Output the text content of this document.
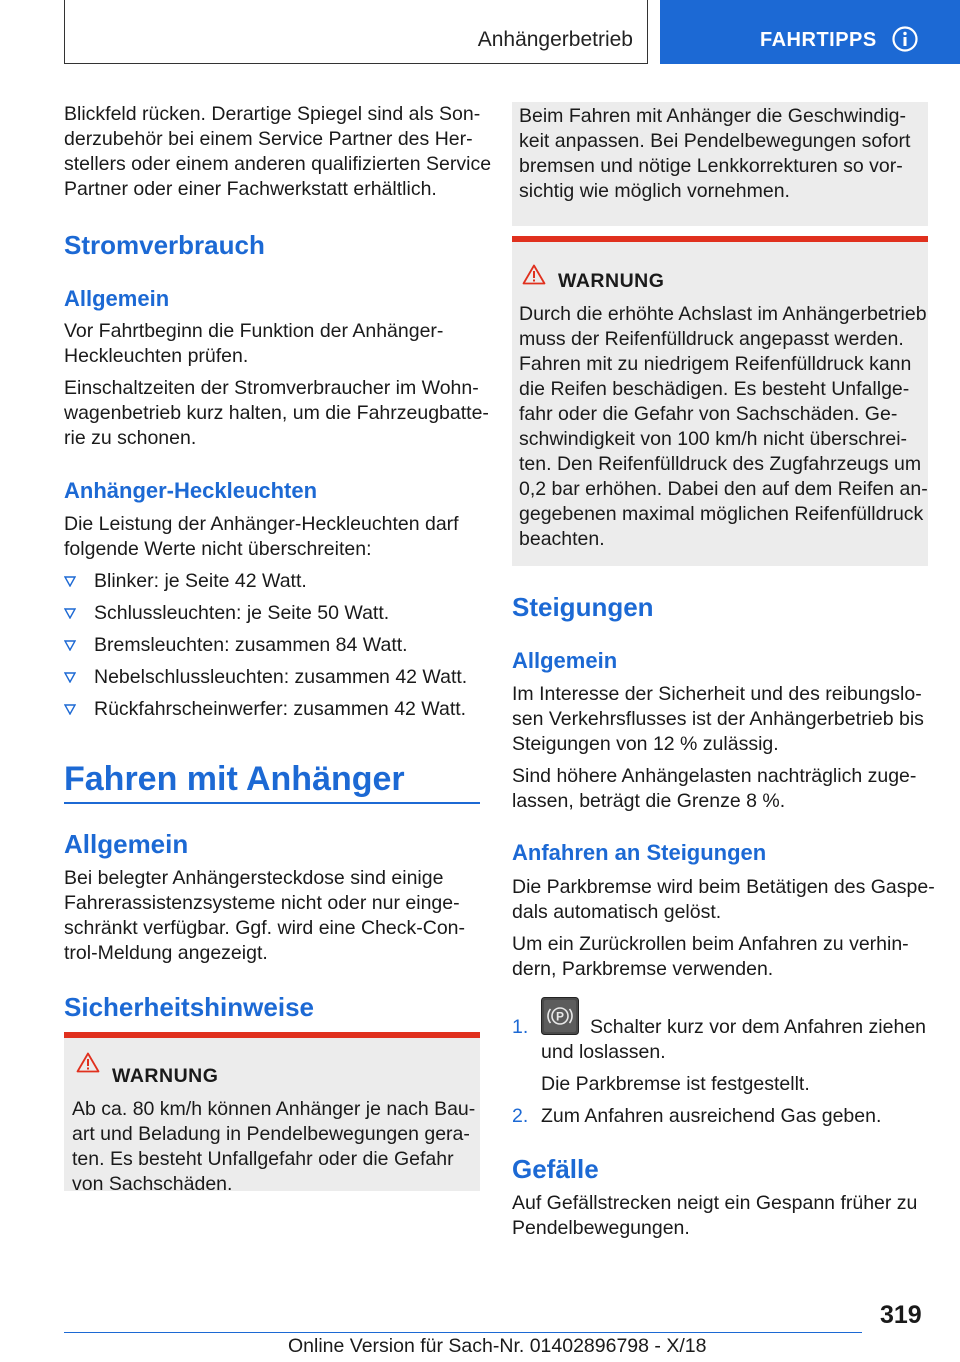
Anhängerbetrieb	FAHRTIPPS
Blickfeld rücken. Derartige Spiegel sind als Son-
derzubehör bei einem Service Partner des Her-
stellers oder einem anderen qualifizierten Service
Partner oder einer Fachwerkstatt erhältlich.
Stromverbrauch
Allgemein
Vor Fahrtbeginn die Funktion der Anhänger-
Heckleuchten prüfen.
Einschaltzeiten der Stromverbraucher im Wohn-
wagenbetrieb kurz halten, um die Fahrzeugbatte-
rie zu schonen.
Anhänger-Heckleuchten
Die Leistung der Anhänger-Heckleuchten darf
folgende Werte nicht überschreiten:
Blinker: je Seite 42 Watt.
Schlussleuchten: je Seite 50 Watt.
Bremsleuchten: zusammen 84 Watt.
Nebelschlussleuchten: zusammen 42 Watt.
Rückfahrscheinwerfer: zusammen 42 Watt.
Fahren mit Anhänger
Allgemein
Bei belegter Anhängersteckdose sind einige
Fahrerassistenzsysteme nicht oder nur einge-
schränkt verfügbar. Ggf. wird eine Check-Con-
trol-Meldung angezeigt.
Sicherheitshinweise
WARNUNG
Ab ca. 80 km/h können Anhänger je nach Bau-
art und Beladung in Pendelbewegungen gera-
ten. Es besteht Unfallgefahr oder die Gefahr
von Sachschäden.
Beim Fahren mit Anhänger die Geschwindig-
keit anpassen. Bei Pendelbewegungen sofort
bremsen und nötige Lenkkorrekturen so vor-
sichtig wie möglich vornehmen.
WARNUNG
Durch die erhöhte Achslast im Anhängerbetrieb
muss der Reifenfülldruck angepasst werden.
Fahren mit zu niedrigem Reifenfülldruck kann
die Reifen beschädigen. Es besteht Unfallge-
fahr oder die Gefahr von Sachschäden. Ge-
schwindigkeit von 100 km/h nicht überschrei-
ten. Den Reifenfülldruck des Zugfahrzeugs um
0,2 bar erhöhen. Dabei den auf dem Reifen an-
gegebenen maximal möglichen Reifenfülldruck
beachten.
Steigungen
Allgemein
Im Interesse der Sicherheit und des reibungslo-
sen Verkehrsflusses ist der Anhängerbetrieb bis
Steigungen von 12 % zulässig.
Sind höhere Anhängelasten nachträglich zuge-
lassen, beträgt die Grenze 8 %.
Anfahren an Steigungen
Die Parkbremse wird beim Betätigen des Gaspe-
dals automatisch gelöst.
Um ein Zurückrollen beim Anfahren zu verhin-
dern, Parkbremse verwenden.
1. P Schalter kurz vor dem Anfahren ziehen
und loslassen.
Die Parkbremse ist festgestellt.
2. Zum Anfahren ausreichend Gas geben.
Gefälle
Auf Gefällstrecken neigt ein Gespann früher zu
Pendelbewegungen.
319
Online Version für Sach-Nr. 01402896798 - X/18
